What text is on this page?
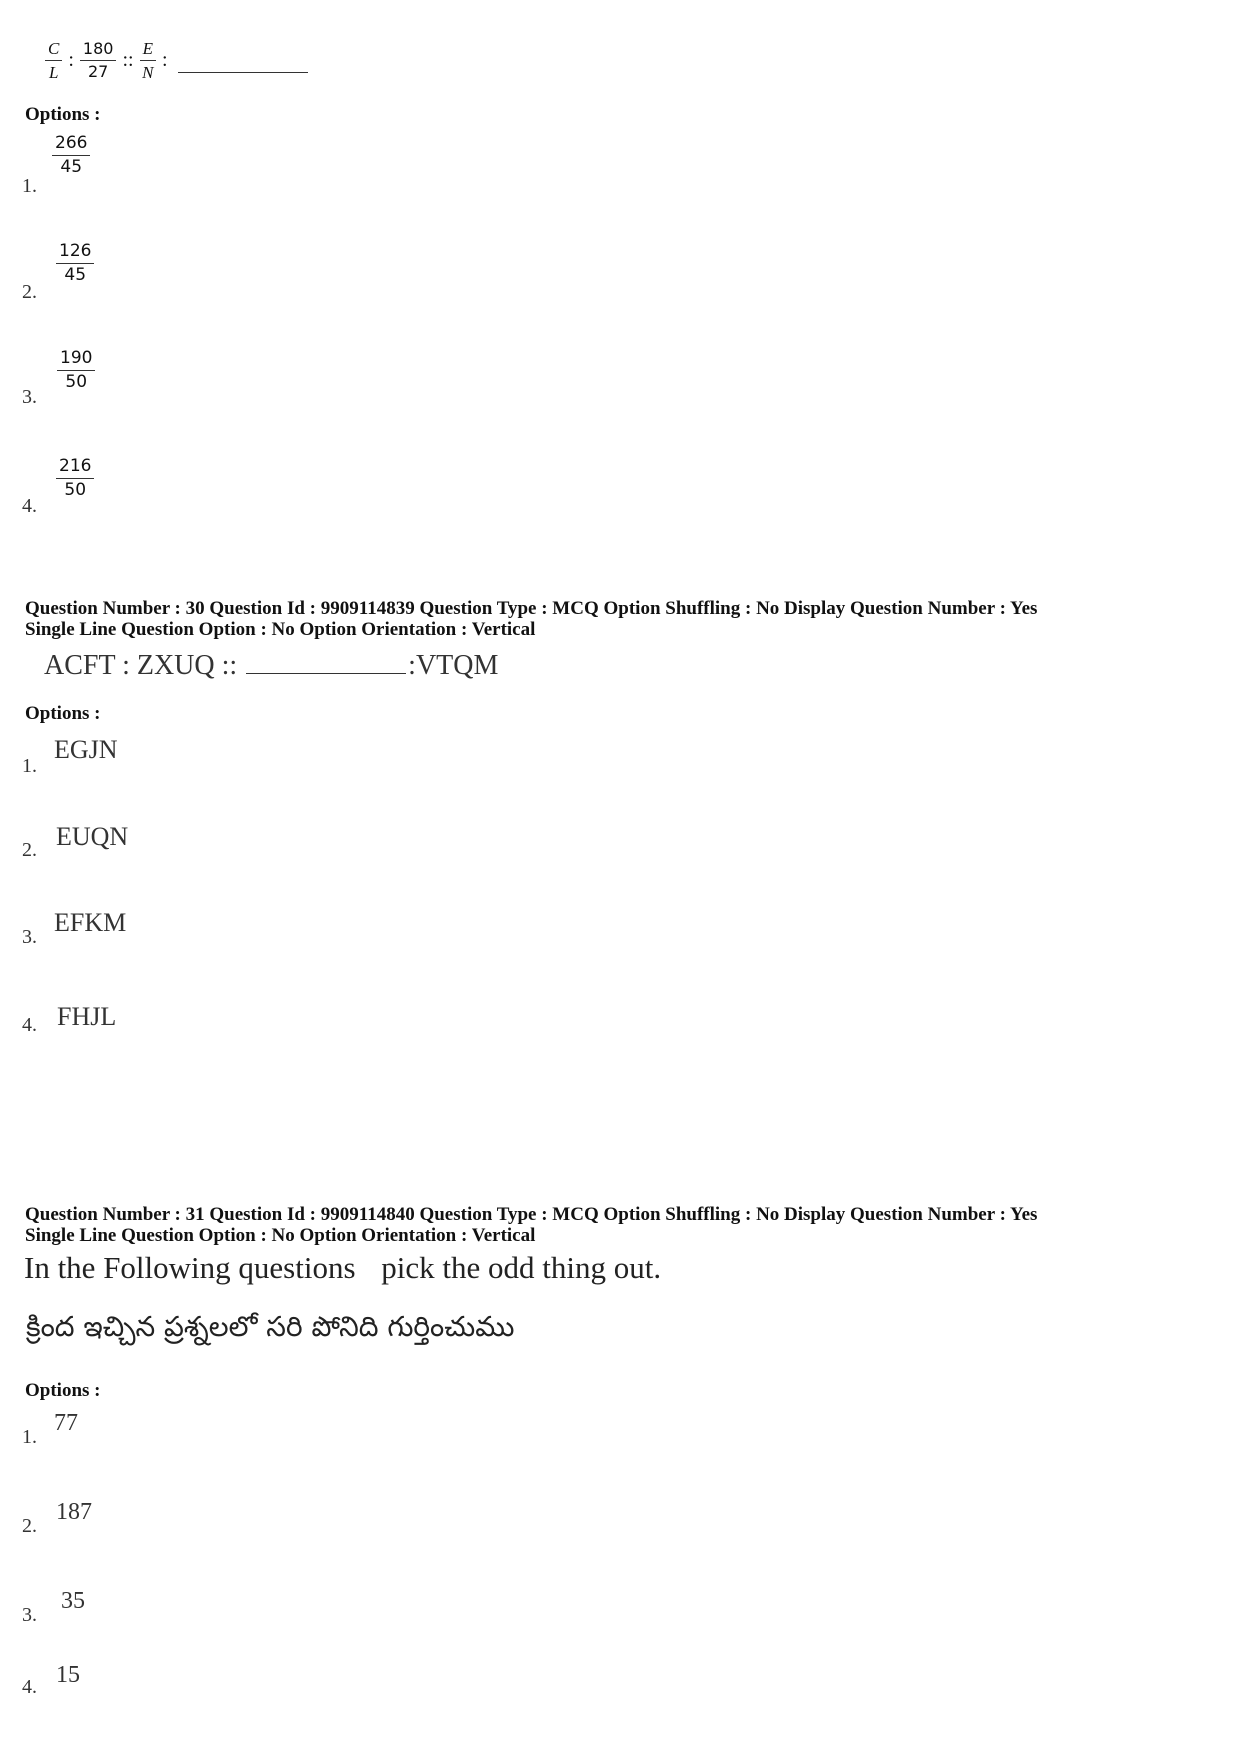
$\frac{C}{L}$ : $\frac{180}{27}$ :: $\frac{E}{N}$ :
Options :
1.
$\frac{266}{45}$
2.
$\frac{126}{45}$
3.
$\frac{190}{50}$
4.
$\frac{216}{50}$
Question Number : 30 Question Id : 9909114839 Question Type : MCQ Option Shuffling : No Display Question Number : Yes
Single Line Question Option : No Option Orientation : Vertical
ACFT : ZXUQ ::	:VTQM
Options :
1.
EGJN
2. EUQN
3. EFKM
4. FHJL
Question Number : 31 Question Id : 9909114840 Question Type : MCQ Option Shuffling : No Display Question Number : Yes
Single Line Question Option : No Option Orientation : Vertical
In the Following questions pick the odd thing out.
క్రింద ఇచ్చిన ప్రశ్నలలో సరి పోనిది గుర్తించుము
Options :
1.
77
2.
187
3.
35
4. 15
